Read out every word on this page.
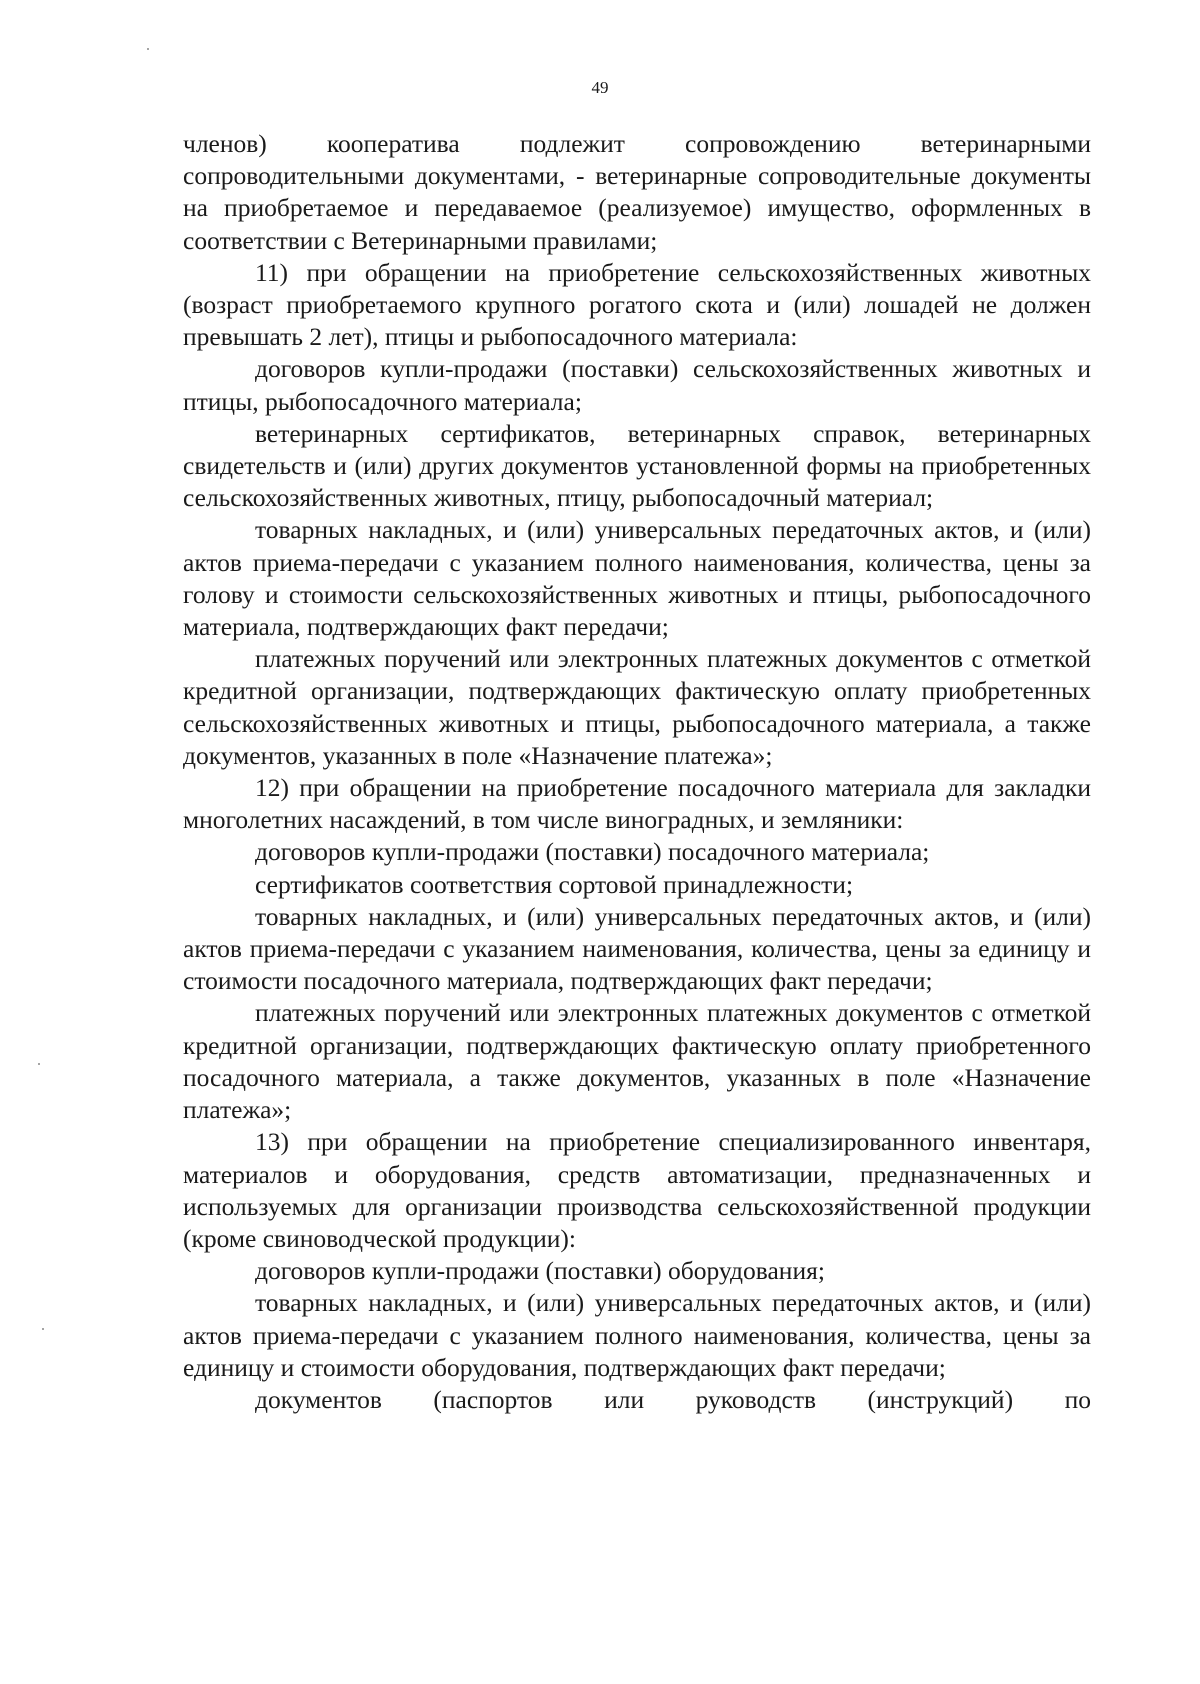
49

членов) кооператива подлежит сопровождению ветеринарными сопроводительными документами, - ветеринарные сопроводительные документы на приобретаемое и передаваемое (реализуемое) имущество, оформленных в соответствии с Ветеринарными правилами;

11) при обращении на приобретение сельскохозяйственных животных (возраст приобретаемого крупного рогатого скота и (или) лошадей не должен превышать 2 лет), птицы и рыбопосадочного материала:

договоров купли-продажи (поставки) сельскохозяйственных животных и птицы, рыбопосадочного материала;

ветеринарных сертификатов, ветеринарных справок, ветеринарных свидетельств и (или) других документов установленной формы на приобретенных сельскохозяйственных животных, птицу, рыбопосадочный материал;

товарных накладных, и (или) универсальных передаточных актов, и (или) актов приема-передачи с указанием полного наименования, количества, цены за голову и стоимости сельскохозяйственных животных и птицы, рыбопосадочного материала, подтверждающих факт передачи;

платежных поручений или электронных платежных документов с отметкой кредитной организации, подтверждающих фактическую оплату приобретенных сельскохозяйственных животных и птицы, рыбопосадочного материала, а также документов, указанных в поле «Назначение платежа»;

12) при обращении на приобретение посадочного материала для закладки многолетних насаждений, в том числе виноградных, и земляники:

договоров купли-продажи (поставки) посадочного материала;

сертификатов соответствия сортовой принадлежности;

товарных накладных, и (или) универсальных передаточных актов, и (или) актов приема-передачи с указанием наименования, количества, цены за единицу и стоимости посадочного материала, подтверждающих факт передачи;

платежных поручений или электронных платежных документов с отметкой кредитной организации, подтверждающих фактическую оплату приобретенного посадочного материала, а также документов, указанных в поле «Назначение платежа»;

13) при обращении на приобретение специализированного инвентаря, материалов и оборудования, средств автоматизации, предназначенных и используемых для организации производства сельскохозяйственной продукции (кроме свиноводческой продукции):

договоров купли-продажи (поставки) оборудования;

товарных накладных, и (или) универсальных передаточных актов, и (или) актов приема-передачи с указанием полного наименования, количества, цены за единицу и стоимости оборудования, подтверждающих факт передачи;

документов (паспортов или руководств (инструкций) по
